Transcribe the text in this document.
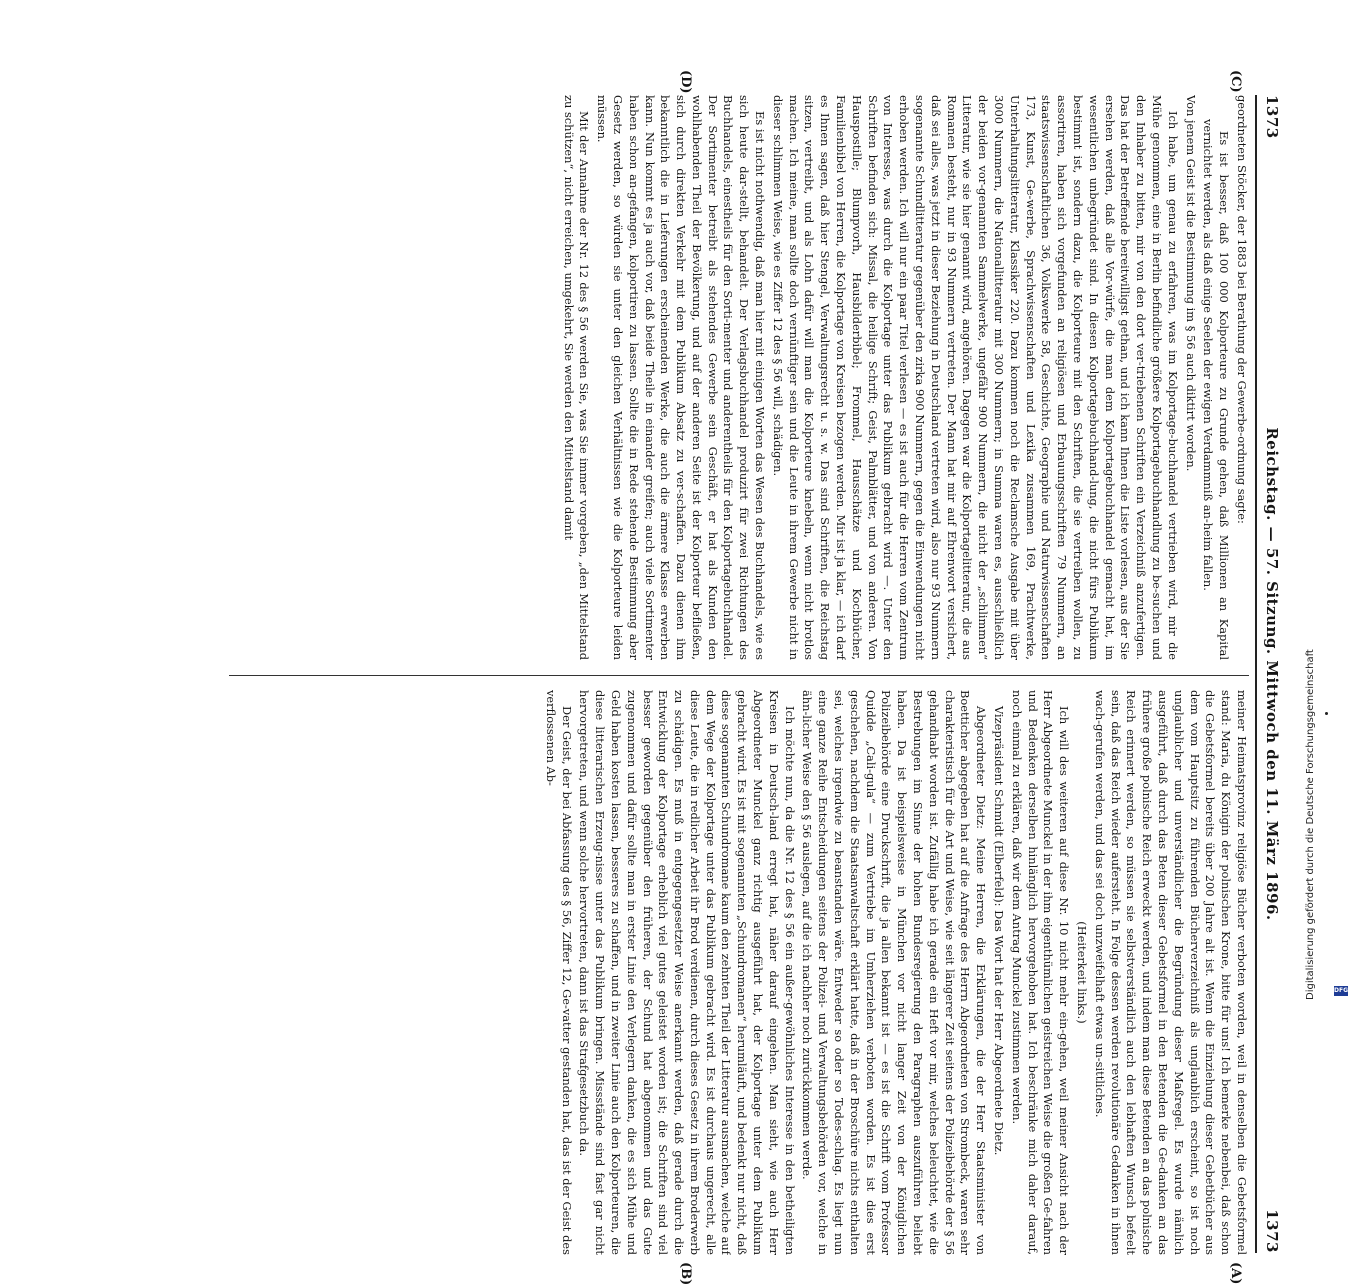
1373
Reichstag. — 57. Sitzung. Mittwoch den 11. März 1896.
1373
(C)
(D)
(A)
(B)

geordneten Stöcker, der 1883 bei Berathung der Gewerbe-ordnung sagte:

Es ist besser, daß 100 000 Kolporteure zu Grunde gehen, daß Millionen an Kapital vernichtet werden, als daß einige Seelen der ewigen Verdammniß an-heim fallen.

Von jenem Geist ist die Bestimmung im § 56 auch diktirt worden.

Ich habe, um genau zu erfahren, was im Kolportage-buchhandel vertrieben wird, mir die Mühe genommen, eine in Berlin befindliche größere Kolportagebuchhandlung zu be-suchen und den Inhaber zu bitten, mir von den dort ver-triebenen Schriften ein Verzeichniß anzufertigen. Das hat der Betreffende bereitwilligst gethan, und ich kann Ihnen die Liste vorlesen, aus der Sie ersehen werden, daß alle Vor-würfe, die man dem Kolportagebuchhandel gemacht hat, im wesentlichen unbegründet sind. In diesen Kolportagebuchhand-lung, die nicht fürs Publikum bestimmt ist, sondern dazu, die Kolporteure mit den Schriften, die sie vertreiben wollen, zu assortiren, haben sich vorgefunden an religiösen und Erbauungsschriften 79 Nummern, an staatswissenschaftlichen 36, Volkswerke 58, Geschichte, Geographie und Naturwissenschaften 173, Kunst, Ge-werbe, Sprachwissenschaften und Lexika zusammen 169, Prachtwerke, Unterhaltungslitteratur, Klassiker 220. Dazu kommen noch die Reclamsche Ausgabe mit über 3000 Nummern, die Nationallitteratur mit 300 Nummern; in Summa waren es, ausschließlich der beiden vor-genannten Sammelwerke, ungefähr 900 Nummern, die nicht der „schlimmen“ Litteratur, wie sie hier genannt wird, angehören. Dagegen war die Kolportagelitteratur, die aus Romanen besteht, nur in 93 Nummern vertreten. Der Mann hat mir auf Ehrenwort versichert, daß sei alles, was jetzt in dieser Beziehung in Deutschland vertreten wird, also nur 93 Nummern sogenannte Schundlitteratur gegenüber den zirka 900 Nummern, gegen die Einwendungen nicht erhoben werden. Ich will nur ein paar Titel verlesen — es ist auch für die Herren vom Zentrum von Interesse, was durch die Kolportage unter das Publikum gebracht wird —. Unter den Schriften befinden sich: Missal, die heilige Schrift; Geist, Palmblätter, und von anderen. Von Hauspostille; Blumpvorh, Hausbilderbibel; Frommel, Hausschätze und Kochbücher, Familienbibel von Herren, die Kolportage von Kreisen bezogen werden. Mir ist ja klar, — ich darf es Ihnen sagen, daß hier Stengel, Verwaltungsrecht u. s. w. Das sind Schriften, die Reichstag sitzen, vertreibt, und als Lohn dafür will man die Kolporteure knebeln, wenn nicht brotlos machen. Ich meine, man sollte doch vernünftiger sein und die Leute in ihrem Gewerbe nicht in dieser schlimmen Weise, wie es Ziffer 12 des § 56 will, schädigen.

Es ist nicht nothwendig, daß man hier mit einigen Worten das Wesen des Buchhandels, wie es sich heute dar-stellt, behandelt. Der Verlagsbuchhandel produzirt für zwei Richtungen des Buchhandels, einestheils für den Sorti-menter und anderentheils für den Kolportagebuchhandel. Der Sortimenter betreibt als stehendes Gewerbe sein Geschäft, er hat als Kunden den wohlhabenden Theil der Bevölkerung, und auf der anderen Seite ist der Kolporteur befließen, sich durch direkten Verkehr mit dem Publikum Absatz zu ver-schaffen. Dazu dienen ihm bekanntlich die in Lieferungen erscheinenden Werke, die auch die ärmere Klasse erwerben kann. Nun kommt es ja auch vor, daß beide Theile in einander greifen; auch viele Sortimenter haben schon an-gefangen, kolportiren zu lassen. Sollte die in Rede stehende Bestimmung aber Gesetz werden, so würden sie unter den gleichen Verhältnissen wie die Kolporteure leiden müssen.

Mit der Annahme der Nr. 12 des § 56 werden Sie, was Sie immer vorgeben, „den Mittelstand zu schützen“, nicht erreichen, umgekehrt, Sie werden den Mittelstand damit

meiner Heimatsprovinz religiöse Bücher verboten worden, weil in denselben die Gebetsformel stand: Maria, du Königin der polnischen Krone, bitte für uns! Ich bemerke nebenbei, daß schon die Gebetsformel bereits über 200 Jahre alt ist. Wenn die Einziehung dieser Gebetbücher aus dem vom Hauptsitz zu führenden Bücherverzeichniß als unglaublich erscheint, so ist noch unglaublicher und unverständlicher die Begründung dieser Maßregel. Es wurde nämlich ausgeführt, daß durch das Beten dieser Gebetsformel in den Betenden die Ge-danken an das frühere große polnische Reich erweckt werden, und indem man diese Betenden an das polnische Reich erinnert werden, so müssen sie selbstverständlich auch den lebhaften Wunsch befeelt sein, daß das Reich wieder aufersteht. In Folge dessen werden revolutionäre Gedanken in ihnen wach-gerufen werden, und das sei doch unzweifelhaft etwas un-sittliches.

(Heiterkeit links.)

Ich will des weiteren auf diese Nr. 10 nicht mehr ein-gehen, weil meiner Ansicht nach der Herr Abgeordnete Munckel in der ihm eigenthümlichen geistreichen Weise die großen Ge-fahren und Bedenken derselben hinlänglich hervorgehoben hat. Ich beschränke mich daher darauf, noch einmal zu erklären, daß wir dem Antrag Munckel zustimmen werden.

Vizepräsident Schmidt (Elberfeld): Das Wort hat der Herr Abgeordnete Dietz.

Abgeordneter Dietz: Meine Herren, die Erklärungen, die der Herr Staatsminister von Boetticher abgegeben hat auf die Anfrage des Herrn Abgeordneten von Strombeck, waren sehr charakteristisch für die Art und Weise, wie seit längerer Zeit seitens der Polizeibehörde der § 56 gehandhabt worden ist. Zufällig habe ich gerade ein Heft vor mir, welches beleuchtet, wie die Bestrebungen im Sinne der hohen Bundesregierung den Paragraphen auszuführen beliebt haben. Da ist beispielsweise in München vor nicht langer Zeit von der Königlichen Polizeibehörde eine Druckschrift, die ja allen bekannt ist — es ist die Schrift vom Professor Quidde „Cali-gula“ — zum Vertriebe im Umherziehen verboten worden. Es ist dies erst geschehen, nachdem die Staatsanwaltschaft erklärt hatte, daß in der Broschüre nichts enthalten sei, welches irgendwie zu beanstanden wäre. Entweder so oder so Todes-schlag. Es liegt nun eine ganze Reihe Entscheidungen seitens der Polizei- und Verwaltungsbehörden vor, welche in ähn-licher Weise den § 56 auslegen, auf die ich nachher noch zurückkommen werde.

Ich möchte nun, da die Nr. 12 des § 56 ein außer-gewöhnliches Interesse in den betheiligten Kreisen in Deutsch-land erregt hat, näher darauf eingehen. Man sieht, wie auch Herr Abgeordneter Munckel ganz richtig ausgeführt hat, der Kolportage unter dem Publikum gebracht wird. Es ist mit sogenannten „Schundromanen“ herumläuft, und bedenkt nur nicht, daß diese sogenannten Schundromane kaum den zehnten Theil der Litteratur ausmachen, welche auf dem Wege der Kolportage unter das Publikum gebracht wird. Es ist durchaus ungerecht, alle diese Leute, die in redlicher Arbeit ihr Brod verdienen, durch dieses Gesetz in ihrem Broderwerb zu schädigen. Es muß in entgegengesetzter Weise anerkannt werden, daß gerade durch die Entwicklung der Kolportage erheblich viel gutes geleistet worden ist; die Schriften sind viel besser geworden gegenüber den früheren, der Schund hat abgenommen und das Gute zugenommen und dafür sollte man in erster Linie den Verlegern danken, die es sich Mühe und Geld haben kosten lassen, besseres zu schaffen, und in zweiter Linie auch den Kolporteuren, die diese litterarischen Erzeug-nisse unter das Publikum bringen. Missstände sind fast gar nicht hervorgetreten, und wenn solche hervortreten, dann ist das Strafgesetzbuch da.

Der Geist, der bei Abfassung des § 56, Ziffer 12, Ge-vatter gestanden hat, das ist der Geist des verflossenen Ab-	Digitalisierung gefördert durch die Deutsche Forschungsgemeinschaft	DFG
